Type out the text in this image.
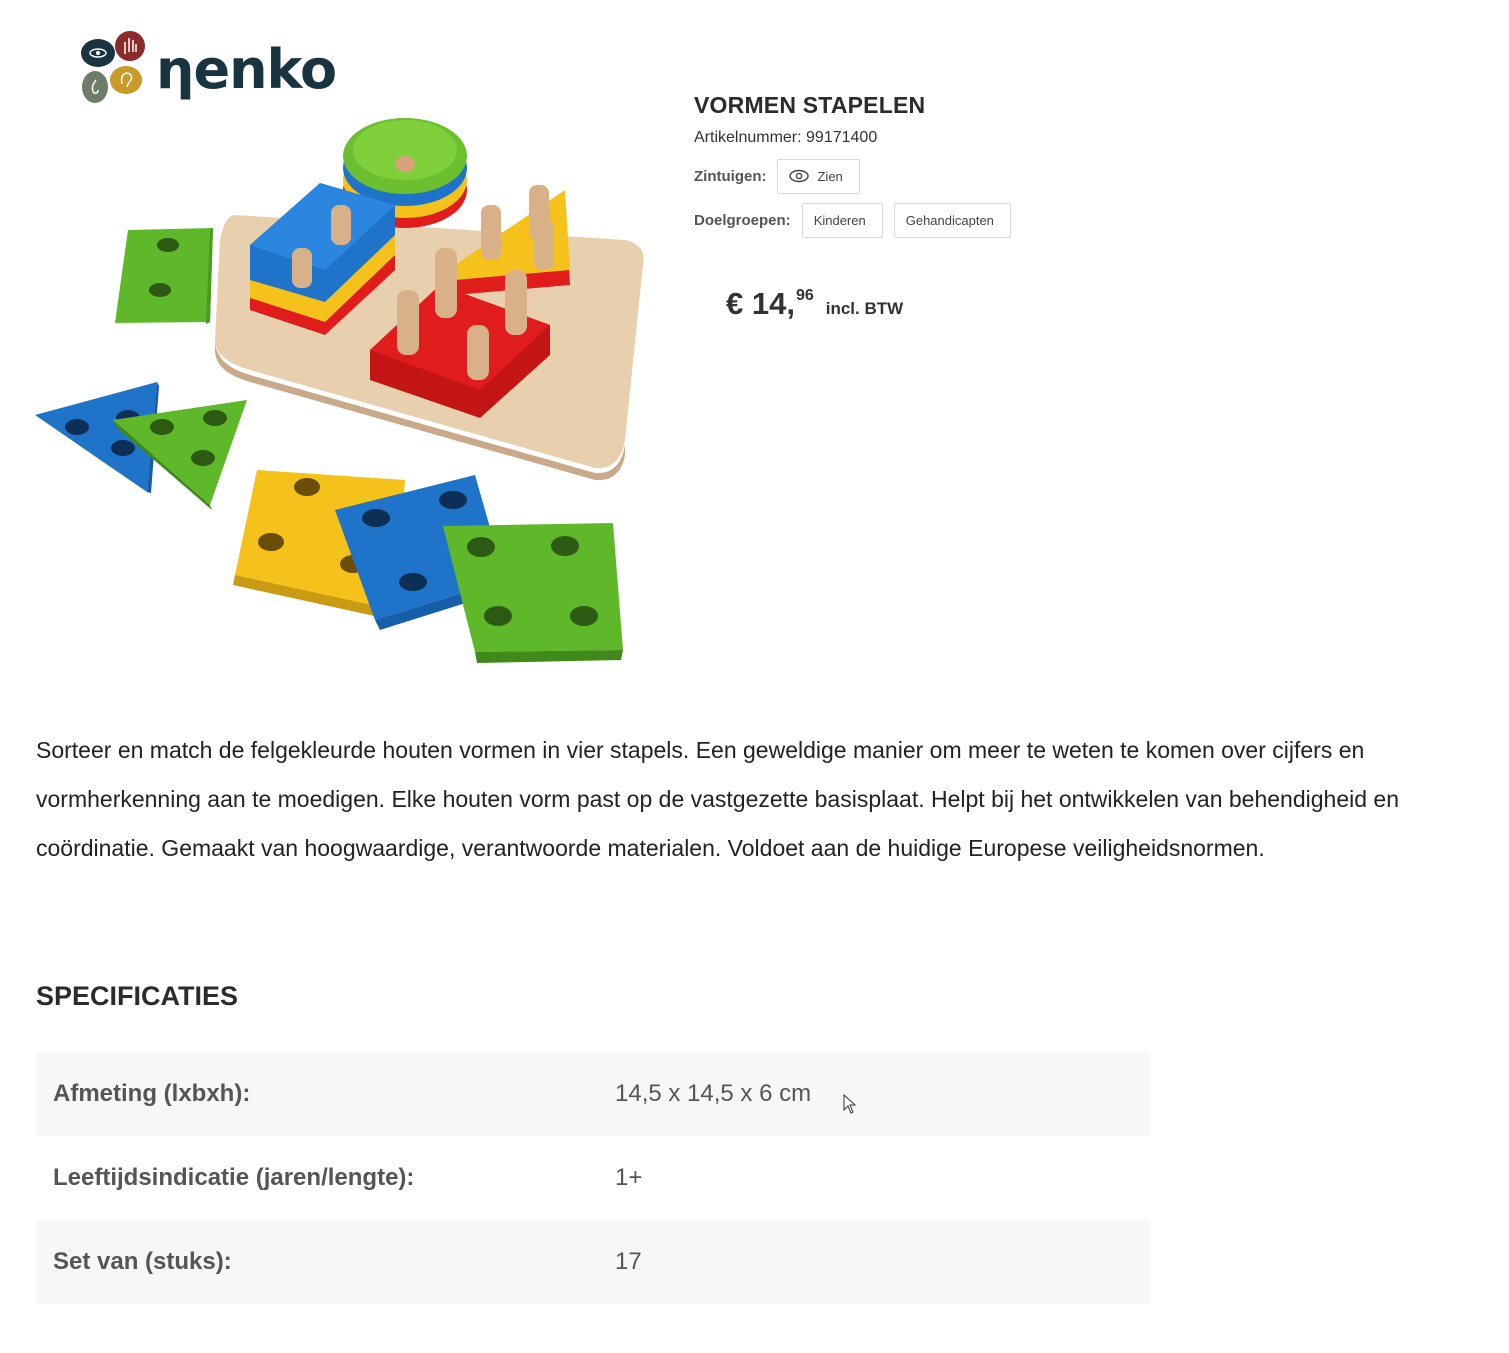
ηenko
VORMEN STAPELEN
Artikelnummer: 99171400
Zintuigen:	Zien
Doelgroepen:	Kinderen	Gehandicapten
€ 14, 96
incl. BTW

Sorteer en match de felgekleurde houten vormen in vier stapels. Een geweldige manier om meer te weten te komen over cijfers en vormherkenning aan te moedigen. Elke houten vorm past op de vastgezette basisplaat. Helpt bij het ontwikkelen van behendigheid en coördinatie. Gemaakt van hoogwaardige, verantwoorde materialen. Voldoet aan de huidige Europese veiligheidsnormen.

SPECIFICATIES
Afmeting (lxbxh):	14,5 x 14,5 x 6 cm
Leeftijdsindicatie (jaren/lengte):	1+
Set van (stuks):	17
